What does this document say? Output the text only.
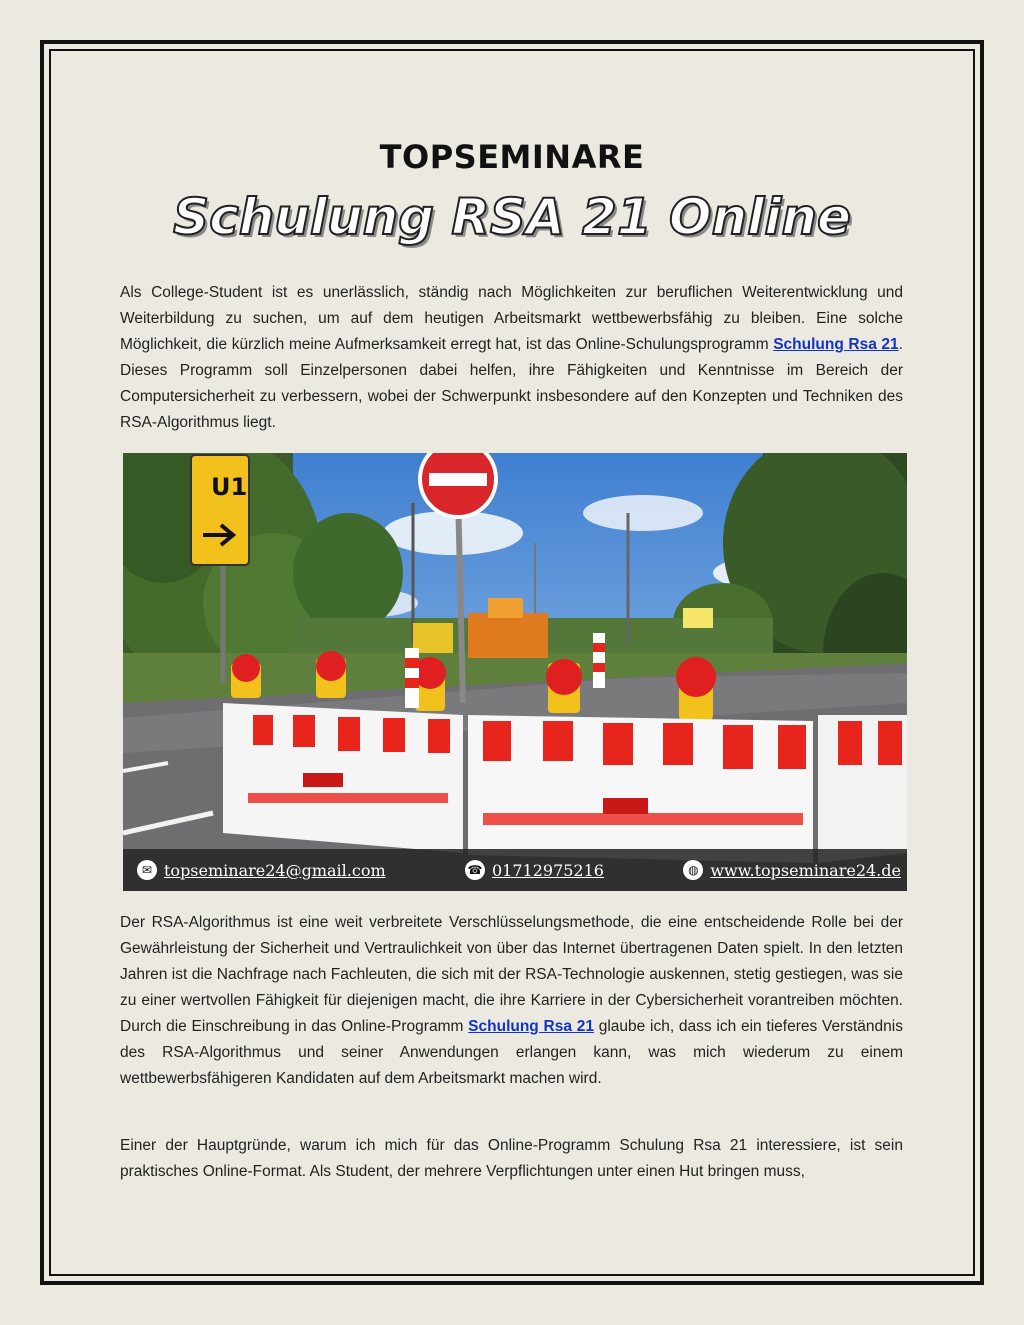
TOPSEMINARE
Schulung RSA 21 Online
Als College-Student ist es unerlässlich, ständig nach Möglichkeiten zur beruflichen Weiterentwicklung und Weiterbildung zu suchen, um auf dem heutigen Arbeitsmarkt wettbewerbsfähig zu bleiben. Eine solche Möglichkeit, die kürzlich meine Aufmerksamkeit erregt hat, ist das Online-Schulungsprogramm Schulung Rsa 21. Dieses Programm soll Einzelpersonen dabei helfen, ihre Fähigkeiten und Kenntnisse im Bereich der Computersicherheit zu verbessern, wobei der Schwerpunkt insbesondere auf den Konzepten und Techniken des RSA-Algorithmus liegt.
U1
✉ topseminare24@gmail.com	☎ 01712975216	◍ www.topseminare24.de
Der RSA-Algorithmus ist eine weit verbreitete Verschlüsselungsmethode, die eine entscheidende Rolle bei der Gewährleistung der Sicherheit und Vertraulichkeit von über das Internet übertragenen Daten spielt. In den letzten Jahren ist die Nachfrage nach Fachleuten, die sich mit der RSA-Technologie auskennen, stetig gestiegen, was sie zu einer wertvollen Fähigkeit für diejenigen macht, die ihre Karriere in der Cybersicherheit vorantreiben möchten. Durch die Einschreibung in das Online-Programm Schulung Rsa 21 glaube ich, dass ich ein tieferes Verständnis des RSA-Algorithmus und seiner Anwendungen erlangen kann, was mich wiederum zu einem wettbewerbsfähigeren Kandidaten auf dem Arbeitsmarkt machen wird.
Einer der Hauptgründe, warum ich mich für das Online-Programm Schulung Rsa 21 interessiere, ist sein praktisches Online-Format. Als Student, der mehrere Verpflichtungen unter einen Hut bringen muss,
